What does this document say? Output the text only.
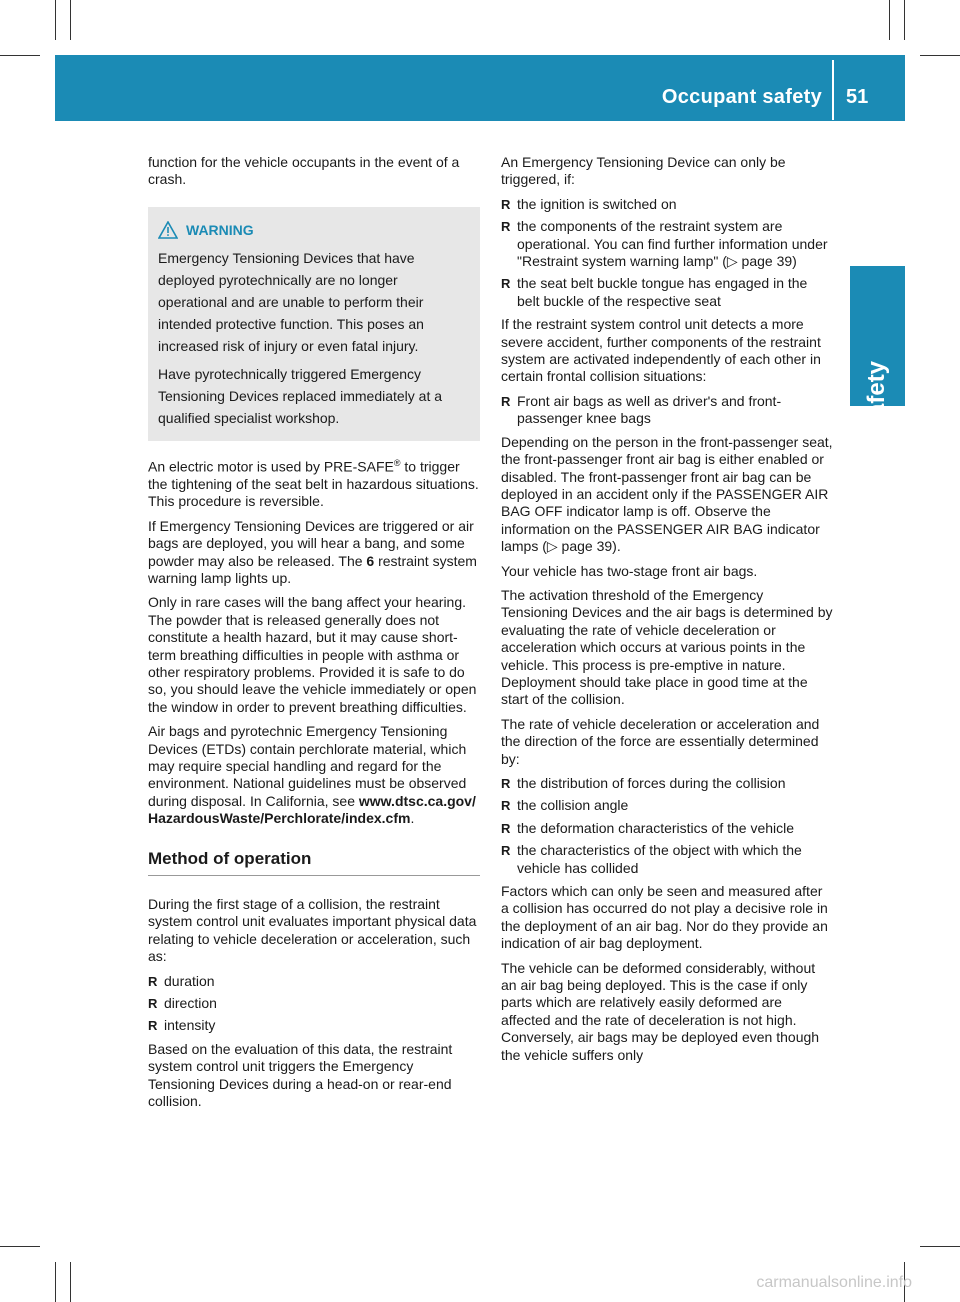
Occupant safety 51
Safety

function for the vehicle occupants in the event of a crash.

WARNING

Emergency Tensioning Devices that have deployed pyrotechnically are no longer operational and are unable to perform their intended protective function. This poses an increased risk of injury or even fatal injury.

Have pyrotechnically triggered Emergency Tensioning Devices replaced immediately at a qualified specialist workshop.

An electric motor is used by PRE-SAFE® to trigger the tightening of the seat belt in hazardous situations. This procedure is reversible.

If Emergency Tensioning Devices are triggered or air bags are deployed, you will hear a bang, and some powder may also be released. The 6 restraint system warning lamp lights up.

Only in rare cases will the bang affect your hearing. The powder that is released generally does not constitute a health hazard, but it may cause short-term breathing difficulties in people with asthma or other respiratory problems. Provided it is safe to do so, you should leave the vehicle immediately or open the window in order to prevent breathing difficulties.

Air bags and pyrotechnic Emergency Tensioning Devices (ETDs) contain perchlorate material, which may require special handling and regard for the environment. National guidelines must be observed during disposal. In California, see www.dtsc.ca.gov/ HazardousWaste/Perchlorate/index.cfm.

Method of operation

During the first stage of a collision, the restraint system control unit evaluates important physical data relating to vehicle deceleration or acceleration, such as:

R duration
R direction
R intensity

Based on the evaluation of this data, the restraint system control unit triggers the Emergency Tensioning Devices during a head-on or rear-end collision.

An Emergency Tensioning Device can only be triggered, if:

R the ignition is switched on
R the components of the restraint system are operational. You can find further information under "Restraint system warning lamp" (▷ page 39)
R the seat belt buckle tongue has engaged in the belt buckle of the respective seat

If the restraint system control unit detects a more severe accident, further components of the restraint system are activated independently of each other in certain frontal collision situations:

R Front air bags as well as driver's and front-passenger knee bags

Depending on the person in the front-passenger seat, the front-passenger front air bag is either enabled or disabled. The front-passenger front air bag can be deployed in an accident only if the PASSENGER AIR BAG OFF indicator lamp is off. Observe the information on the PASSENGER AIR BAG indicator lamps (▷ page 39).

Your vehicle has two-stage front air bags.

The activation threshold of the Emergency Tensioning Devices and the air bags is determined by evaluating the rate of vehicle deceleration or acceleration which occurs at various points in the vehicle. This process is pre-emptive in nature. Deployment should take place in good time at the start of the collision.

The rate of vehicle deceleration or acceleration and the direction of the force are essentially determined by:

R the distribution of forces during the collision
R the collision angle
R the deformation characteristics of the vehicle
R the characteristics of the object with which the vehicle has collided

Factors which can only be seen and measured after a collision has occurred do not play a decisive role in the deployment of an air bag. Nor do they provide an indication of air bag deployment.

The vehicle can be deformed considerably, without an air bag being deployed. This is the case if only parts which are relatively easily deformed are affected and the rate of deceleration is not high. Conversely, air bags may be deployed even though the vehicle suffers only

carmanualsonline.info
